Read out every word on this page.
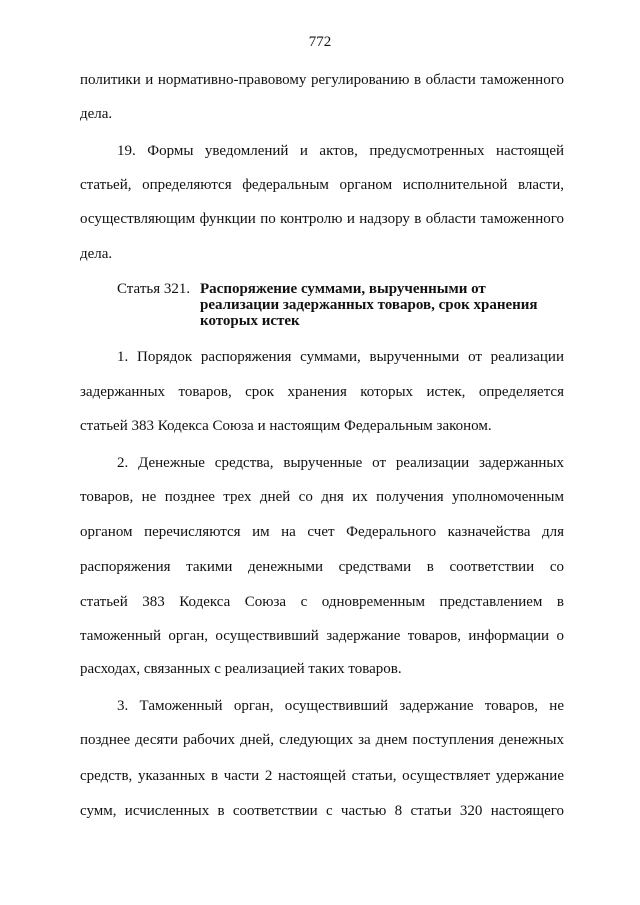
772
политики и нормативно-правовому регулированию в области таможенного
дела.
19. Формы уведомлений и актов, предусмотренных настоящей
статьей, определяются федеральным органом исполнительной власти,
осуществляющим функции по контролю и надзору в области таможенного
дела.
Статья 321. Распоряжение суммами, вырученными от
реализации задержанных товаров, срок хранения
которых истек
1. Порядок распоряжения суммами, вырученными от реализации
задержанных товаров, срок хранения которых истек, определяется
статьей 383 Кодекса Союза и настоящим Федеральным законом.
2. Денежные средства, вырученные от реализации задержанных
товаров, не позднее трех дней со дня их получения уполномоченным
органом перечисляются им на счет Федерального казначейства для
распоряжения такими денежными средствами в соответствии со
статьей 383 Кодекса Союза с одновременным представлением в
таможенный орган, осуществивший задержание товаров, информации о
расходах, связанных с реализацией таких товаров.
3. Таможенный орган, осуществивший задержание товаров, не
позднее десяти рабочих дней, следующих за днем поступления денежных
средств, указанных в части 2 настоящей статьи, осуществляет удержание
сумм, исчисленных в соответствии с частью 8 статьи 320 настоящего
